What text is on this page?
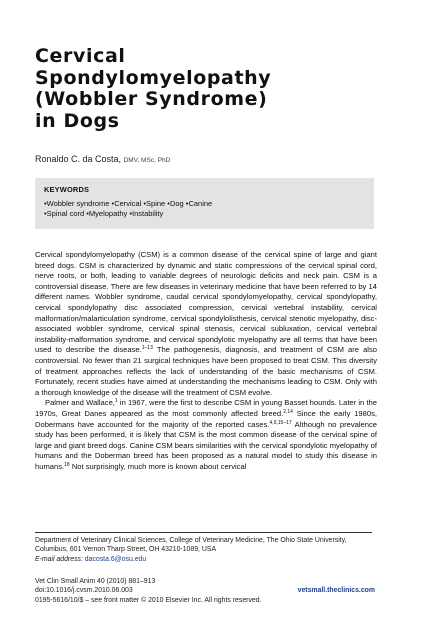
Cervical
Spondylomyelopathy
(Wobbler Syndrome)
in Dogs
Ronaldo C. da Costa, DMV, MSc, PhD
KEYWORDS
•Wobbler syndrome •Cervical •Spine •Dog •Canine
•Spinal cord •Myelopathy •Instability

Cervical spondylomyelopathy (CSM) is a common disease of the cervical spine of large and giant breed dogs. CSM is characterized by dynamic and static compressions of the cervical spinal cord, nerve roots, or both, leading to variable degrees of neurologic deficits and neck pain. CSM is a controversial disease. There are few diseases in veterinary medicine that have been referred to by 14 different names. Wobbler syndrome, caudal cervical spondylomyelopathy, cervical spondylopathy, cervical spondylopathy disc associated compression, cervical vertebral instability, cervical malformation/malarticulation syndrome, cervical spondylolisthesis, cervical stenotic myelopathy, disc-associated wobbler syndrome, cervical spinal stenosis, cervical subluxation, cervical vertebral instability-malformation syndrome, and cervical spondylotic myelopathy are all terms that have been used to describe the disease.$^{1-13}$ The pathogenesis, diagnosis, and treatment of CSM are also controversial. No fewer than 21 surgical techniques have been proposed to treat CSM. This diversity of treatment approaches reflects the lack of understanding of the basic mechanisms of CSM. Fortunately, recent studies have aimed at understanding the mechanisms leading to CSM. Only with a thorough knowledge of the disease will the treatment of CSM evolve.

Palmer and Wallace,$^1$ in 1967, were the first to describe CSM in young Basset hounds. Later in the 1970s, Great Danes appeared as the most commonly affected breed.$^{2,14}$ Since the early 1980s, Dobermans have accounted for the majority of the reported cases.$^{4,9,15-17}$ Although no prevalence study has been performed, it is likely that CSM is the most common disease of the cervical spine of large and giant breed dogs. Canine CSM bears similarities with the cervical spondylotic myelopathy of humans and the Doberman breed has been proposed as a natural model to study this disease in humans.$^{18}$ Not surprisingly, much more is known about cervical

Department of Veterinary Clinical Sciences, College of Veterinary Medicine, The Ohio State University, Columbus, 601 Vernon Tharp Street, OH 43210-1089, USA
E-mail address: dacosta.6@osu.edu
Vet Clin Small Anim 40 (2010) 881–913
doi:10.1016/j.cvsm.2010.06.003	vetsmall.theclinics.com
0195-5616/10/$ – see front matter © 2010 Elsevier Inc. All rights reserved.
